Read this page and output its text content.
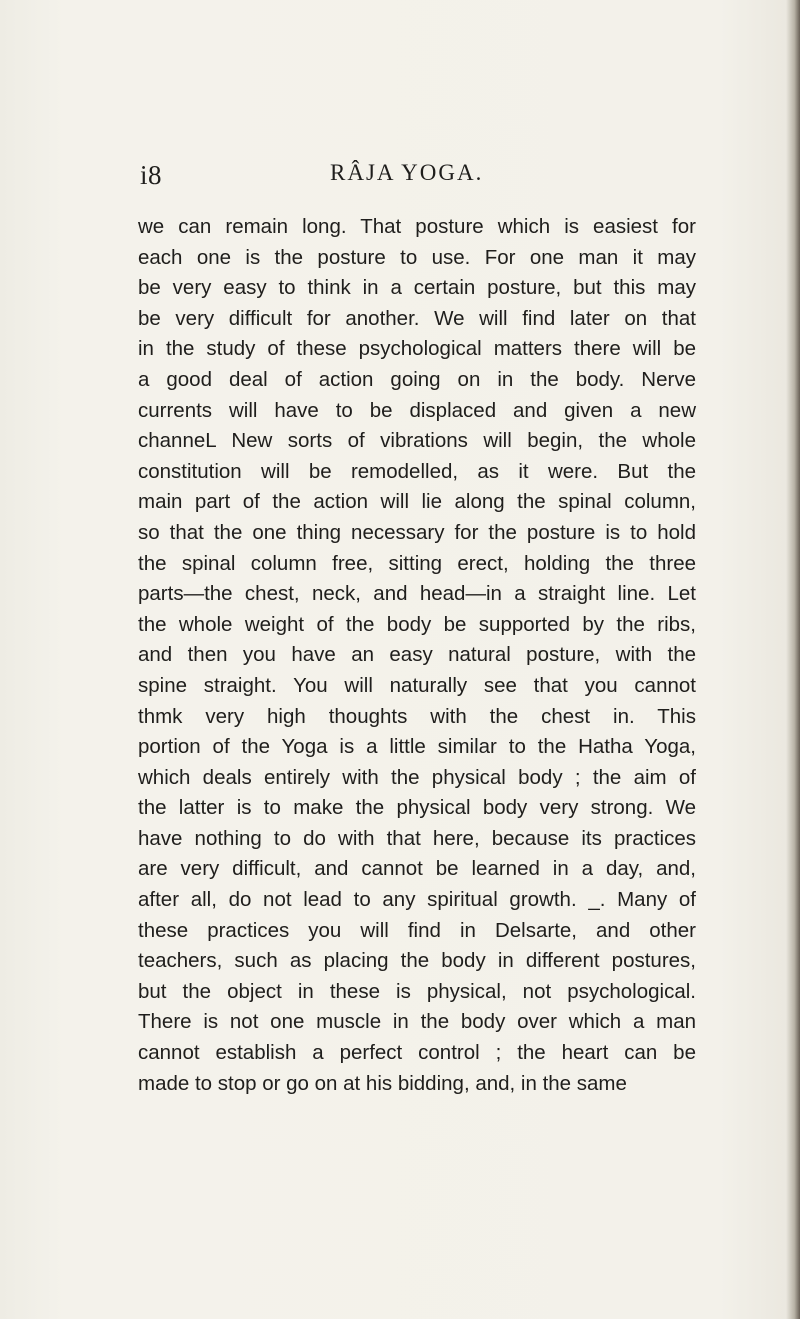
i8	RÂJA YOGA.
we can remain long. That posture which is easiest for
each one is the posture to use. For one man it may
be very easy to think in a certain posture, but this may
be very difficult for another. We will find later on that
in the study of these psychological matters there will be
a good deal of action going on in the body. Nerve
currents will have to be displaced and given a new
channeL New sorts of vibrations will begin, the whole
constitution will be remodelled, as it were. But the
main part of the action will lie along the spinal column,
so that the one thing necessary for the posture is to hold
the spinal column free, sitting erect, holding the three
parts—the chest, neck, and head—in a straight line. Let
the whole weight of the body be supported by the ribs,
and then you have an easy natural posture, with the
spine straight. You will naturally see that you cannot
thmk very high thoughts with the chest in. This
portion of the Yoga is a little similar to the Hatha Yoga,
which deals entirely with the physical body ; the aim of
the latter is to make the physical body very strong. We
have nothing to do with that here, because its practices
are very difficult, and cannot be learned in a day, and,
after all, do not lead to any spiritual growth. _. Many of
these practices you will find in Delsarte, and other
teachers, such as placing the body in different postures,
but the object in these is physical, not psychological.
There is not one muscle in the body over which a man
cannot establish a perfect control ; the heart can be
made to stop or go on at his bidding, and, in the same
